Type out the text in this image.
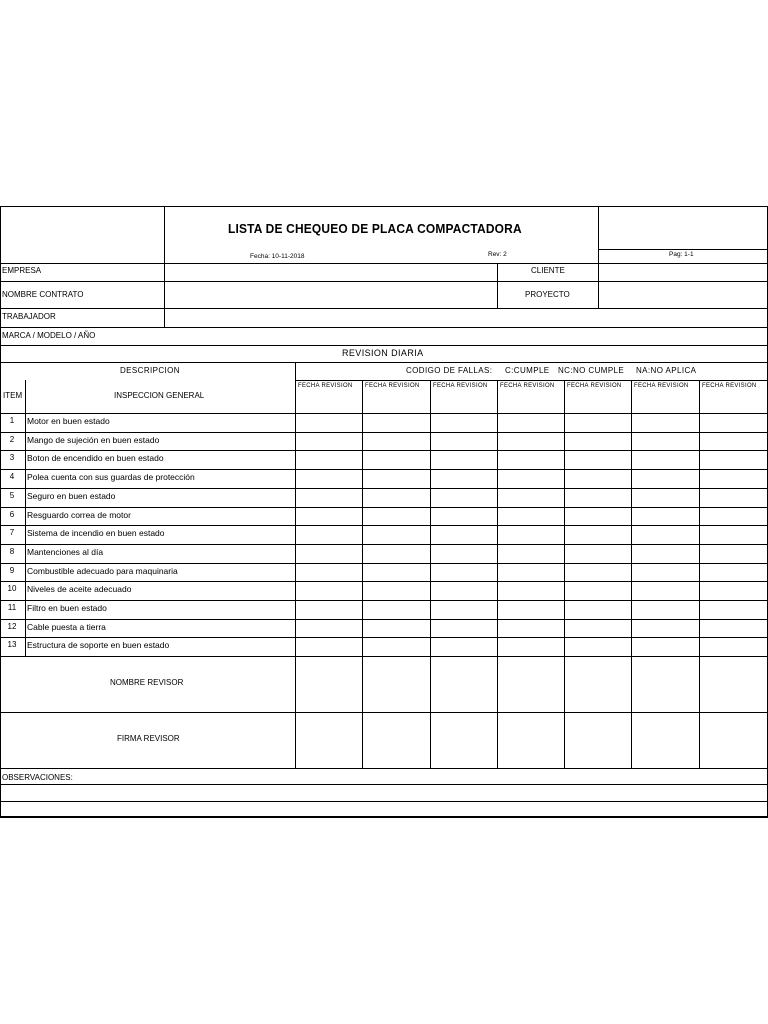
LISTA DE CHEQUEO DE PLACA COMPACTADORA
Fecha: 10-11-2018	Rev: 2	Pag: 1-1
EMPRESA	CLIENTE
NOMBRE CONTRATO	PROYECTO
TRABAJADOR
MARCA / MODELO / AÑO
REVISION DIARIA
DESCRIPCION	CODIGO DE FALLAS: C:CUMPLE NC:NO CUMPLE NA:NO APLICA
ITEM	INSPECCION GENERAL
FECHA REVISION FECHA REVISION FECHA REVISION FECHA REVISION FECHA REVISION FECHA REVISION FECHA REVISION
1	Motor en buen estado
2	Mango de sujeción en buen estado
3	Boton de encendido en buen estado
4	Polea cuenta con sus guardas de protección
5	Seguro en buen estado
6	Resguardo correa de motor
7	Sistema de incendio en buen estado
8	Mantenciones al día
9	Combustible adecuado para maquinaria
10	Niveles de aceite adecuado
11	Filtro en buen estado
12	Cable puesta a tierra
13	Estructura de soporte en buen estado
NOMBRE REVISOR
FIRMA REVISOR
OBSERVACIONES:
